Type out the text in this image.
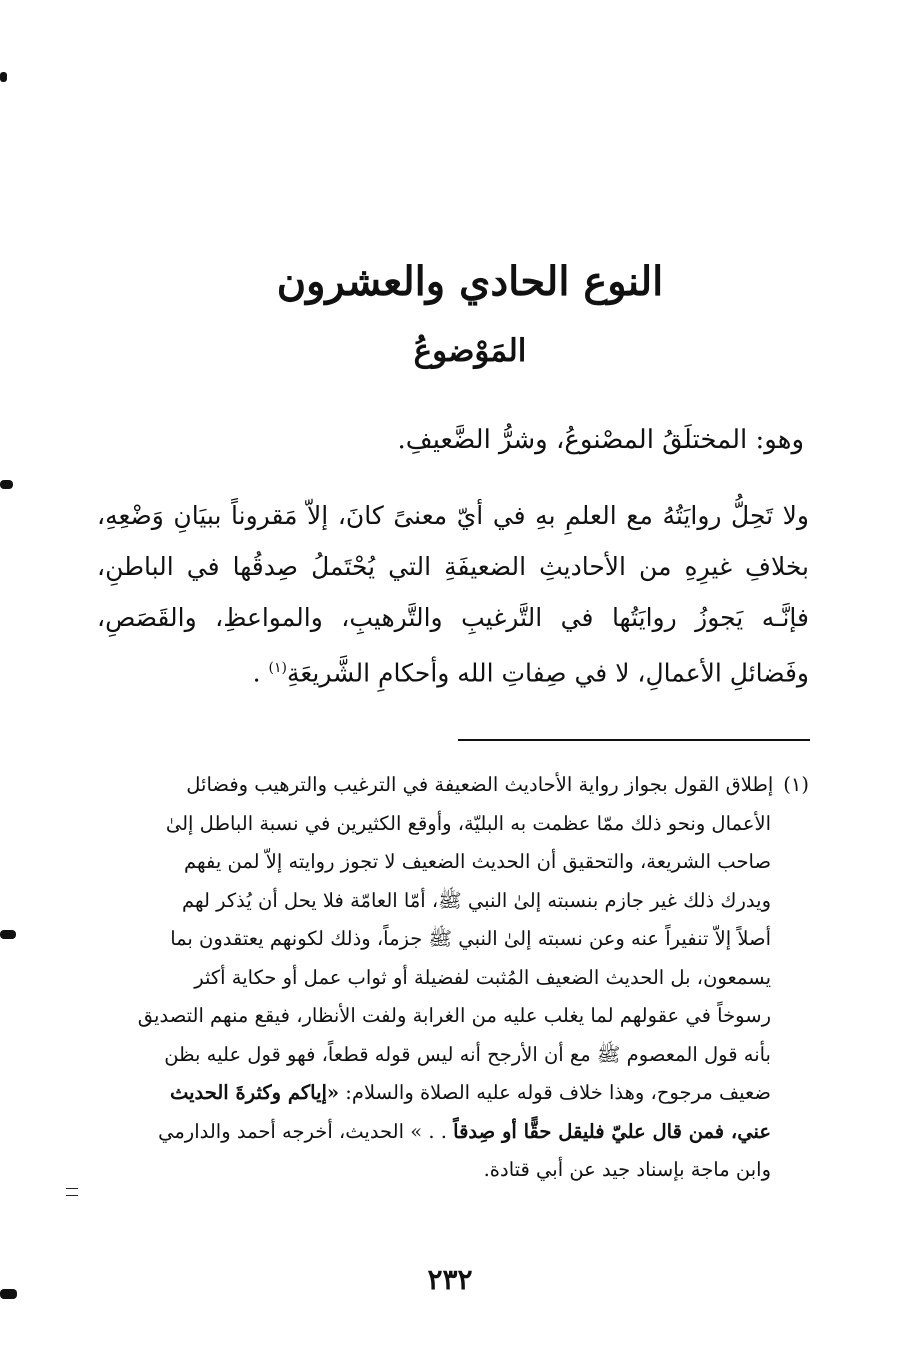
النوع الحادي والعشرون
المَوْضوعُ
وهو: المختلَقُ المصْنوعُ، وشرُّ الضَّعيفِ.
ولا تَحِلُّ روايَتُهُ مع العلمِ بهِ في أيّ معنىً كانَ، إلاّ مَقروناً ببيَانِ وَضْعِهِ، بخلافِ غيرِهِ من الأحاديثِ الضعيفَةِ التي يُحْتَملُ صِدقُها في الباطنِ، فإنَّـه يَجوزُ روايَتُها في التَّرغيبِ والتَّرهيبِ، والمواعظِ، والقَصَصِ، وفَضائلِ الأعمالِ، لا في صِفاتِ الله وأحكامِ الشَّريعَةِ$^{(١)}$ .
(١)إطلاق القول بجواز رواية الأحاديث الضعيفة في الترغيب والترهيب وفضائل
الأعمال ونحو ذلك ممّا عظمت به البليّة، وأوقع الكثيرين في نسبة الباطل إلىٰ
صاحب الشريعة، والتحقيق أن الحديث الضعيف لا تجوز روايته إلاّ لمن يفهم
ويدرك ذلك غير جازم بنسبته إلىٰ النبي ﷺ، أمّا العامّة فلا يحل أن يُذكر لهم
أصلاً إلاّ تنفيراً عنه وعن نسبته إلىٰ النبي ﷺ جزماً، وذلك لكونهم يعتقدون بما
يسمعون، بل الحديث الضعيف المُثبت لفضيلة أو ثواب عمل أو حكاية أكثر
رسوخاً في عقولهم لما يغلب عليه من الغرابة ولفت الأنظار، فيقع منهم التصديق
بأنه قول المعصوم ﷺ مع أن الأرجح أنه ليس قوله قطعاً، فهو قول عليه بظن
ضعيف مرجوح، وهذا خلاف قوله عليه الصلاة والسلام: «إياكم وكثرةَ الحديث
عني، فمن قال عليّ فليقل حقًّا أو صِدقاً . . » الحديث، أخرجه أحمد والدارمي
وابن ماجة بإسناد جيد عن أبي قتادة.
٢٣٢
